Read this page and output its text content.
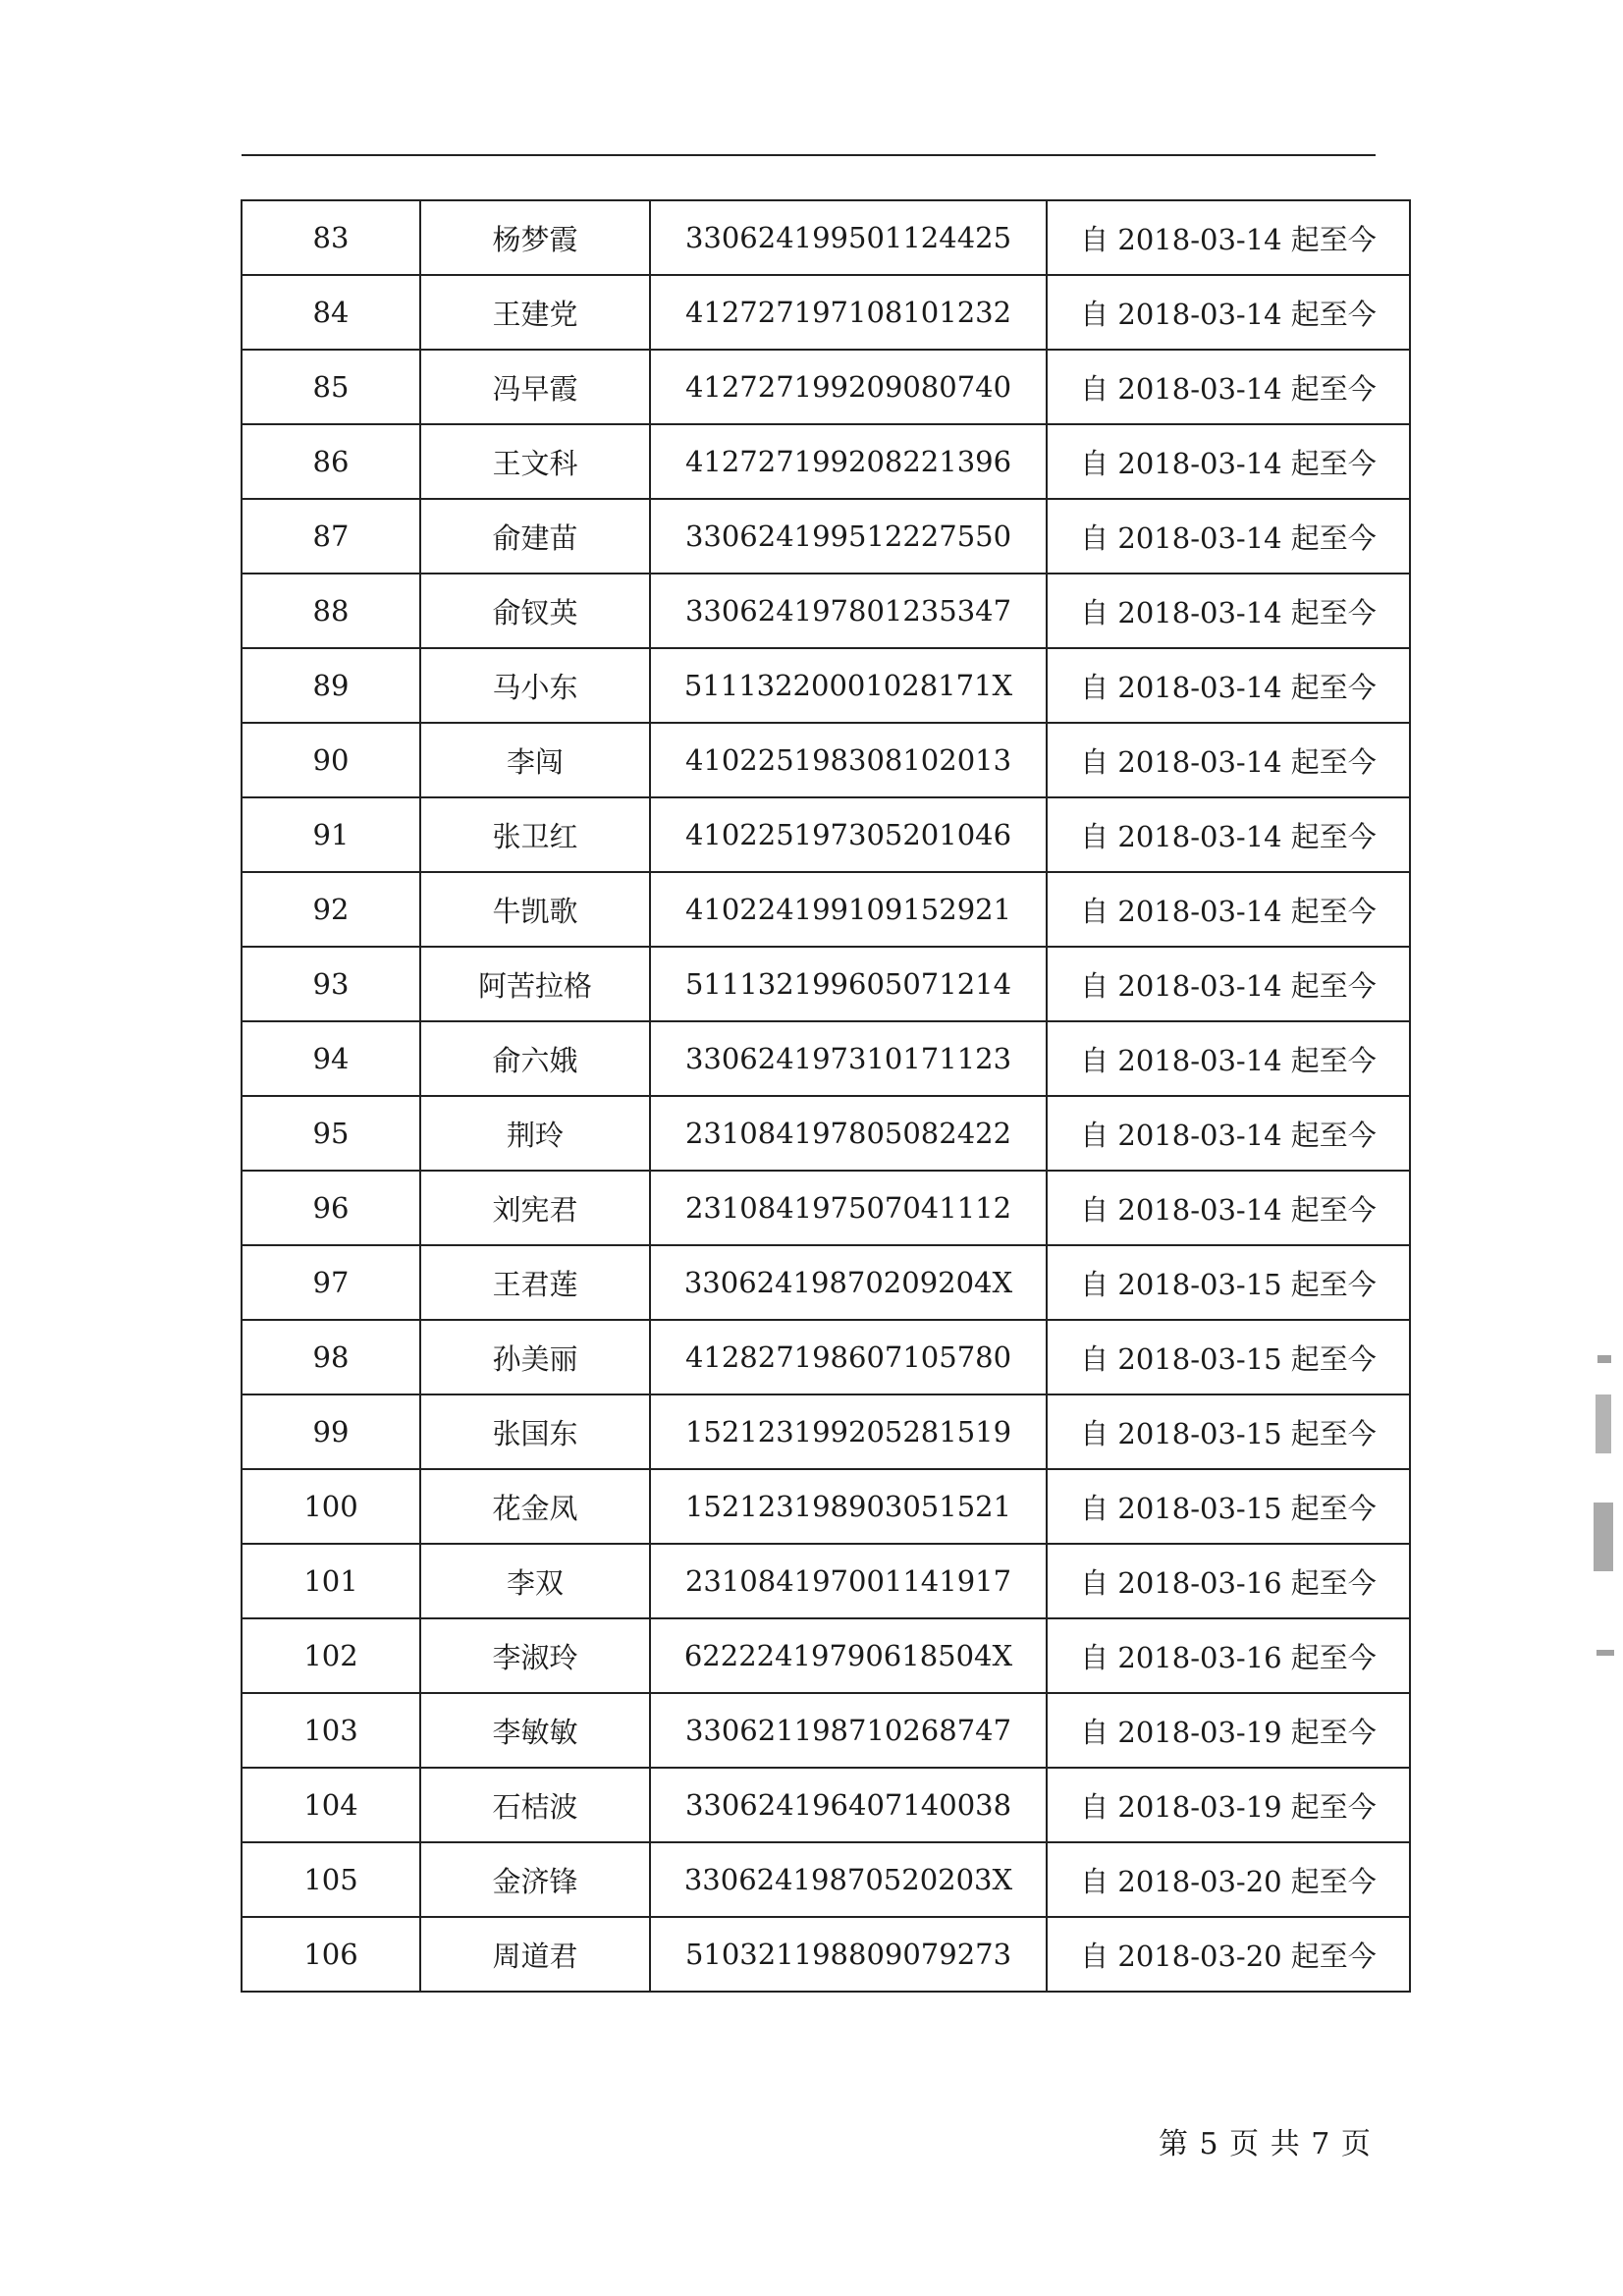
83	杨梦霞	330624199501124425	自 2018-03-14 起至今
84	王建党	412727197108101232	自 2018-03-14 起至今
85	冯早霞	412727199209080740	自 2018-03-14 起至今
86	王文科	412727199208221396	自 2018-03-14 起至今
87	俞建苗	330624199512227550	自 2018-03-14 起至今
88	俞钗英	330624197801235347	自 2018-03-14 起至今
89	马小东	51113220001028171X	自 2018-03-14 起至今
90	李闯	410225198308102013	自 2018-03-14 起至今
91	张卫红	410225197305201046	自 2018-03-14 起至今
92	牛凯歌	410224199109152921	自 2018-03-14 起至今
93	阿苦拉格	511132199605071214	自 2018-03-14 起至今
94	俞六娥	330624197310171123	自 2018-03-14 起至今
95	荆玲	231084197805082422	自 2018-03-14 起至今
96	刘宪君	231084197507041112	自 2018-03-14 起至今
97	王君莲	33062419870209204X	自 2018-03-15 起至今
98	孙美丽	412827198607105780	自 2018-03-15 起至今
99	张国东	152123199205281519	自 2018-03-15 起至今
100	花金凤	152123198903051521	自 2018-03-15 起至今
101	李双	231084197001141917	自 2018-03-16 起至今
102	李淑玲	62222419790618504X	自 2018-03-16 起至今
103	李敏敏	330621198710268747	自 2018-03-19 起至今
104	石桔波	330624196407140038	自 2018-03-19 起至今
105	金济锋	33062419870520203X	自 2018-03-20 起至今
106	周道君	510321198809079273	自 2018-03-20 起至今
第 5 页 共 7 页
